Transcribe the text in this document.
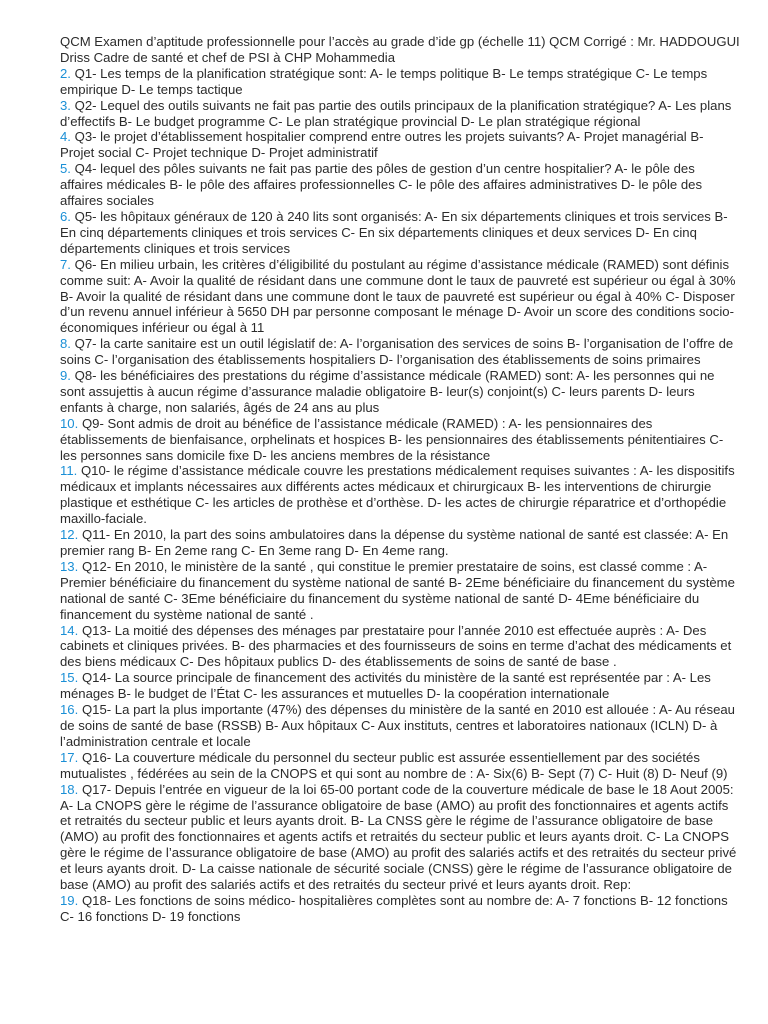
QCM Examen d’aptitude professionnelle pour l’accès au grade d’ide gp (échelle 11) QCM Corrigé : Mr. HADDOUGUI Driss Cadre de santé et chef de PSI à CHP Mohammedia

2. Q1- Les temps de la planification stratégique sont: A- le temps politique B- Le temps stratégique C- Le temps empirique D- Le temps tactique

3. Q2- Lequel des outils suivants ne fait pas partie des outils principaux de la planification stratégique? A- Les plans d’effectifs B- Le budget programme C- Le plan stratégique provincial D- Le plan stratégique régional

4. Q3- le projet d’établissement hospitalier comprend entre outres les projets suivants? A- Projet managérial B- Projet social C- Projet technique D- Projet administratif

5. Q4- lequel des pôles suivants ne fait pas partie des pôles de gestion d’un centre hospitalier? A- le pôle des affaires médicales B- le pôle des affaires professionnelles C- le pôle des affaires administratives D- le pôle des affaires sociales

6. Q5- les hôpitaux généraux de 120 à 240 lits sont organisés: A- En six départements cliniques et trois services B- En cinq départements cliniques et trois services C- En six départements cliniques et deux services D- En cinq départements cliniques et trois services

7. Q6- En milieu urbain, les critères d’éligibilité du postulant au régime d’assistance médicale (RAMED) sont définis comme suit: A- Avoir la qualité de résidant dans une commune dont le taux de pauvreté est supérieur ou égal à 30% B- Avoir la qualité de résidant dans une commune dont le taux de pauvreté est supérieur ou égal à 40% C- Disposer d’un revenu annuel inférieur à 5650 DH par personne composant le ménage D- Avoir un score des conditions socio-économiques inférieur ou égal à 11

8. Q7- la carte sanitaire est un outil législatif de: A- l’organisation des services de soins B- l’organisation de l’offre de soins C- l’organisation des établissements hospitaliers D- l’organisation des établissements de soins primaires

9. Q8- les bénéficiaires des prestations du régime d’assistance médicale (RAMED) sont: A- les personnes qui ne sont assujettis à aucun régime d’assurance maladie obligatoire B- leur(s) conjoint(s) C- leurs parents D- leurs enfants à charge, non salariés, âgés de 24 ans au plus

10. Q9- Sont admis de droit au bénéfice de l’assistance médicale (RAMED) : A- les pensionnaires des établissements de bienfaisance, orphelinats et hospices B- les pensionnaires des établissements pénitentiaires C- les personnes sans domicile fixe D- les anciens membres de la résistance

11. Q10- le régime d’assistance médicale couvre les prestations médicalement requises suivantes : A- les dispositifs médicaux et implants nécessaires aux différents actes médicaux et chirurgicaux B- les interventions de chirurgie plastique et esthétique C- les articles de prothèse et d’orthèse. D- les actes de chirurgie réparatrice et d’orthopédie maxillo-faciale.

12. Q11- En 2010, la part des soins ambulatoires dans la dépense du système national de santé est classée: A- En premier rang B- En 2eme rang C- En 3eme rang D- En 4eme rang.

13. Q12- En 2010, le ministère de la santé , qui constitue le premier prestataire de soins, est classé comme : A- Premier bénéficiaire du financement du système national de santé B- 2Eme bénéficiaire du financement du système national de santé C- 3Eme bénéficiaire du financement du système national de santé D- 4Eme bénéficiaire du financement du système national de santé .

14. Q13- La moitié des dépenses des ménages par prestataire pour l’année 2010 est effectuée auprès : A- Des cabinets et cliniques privées. B- des pharmacies et des fournisseurs de soins en terme d’achat des médicaments et des biens médicaux C- Des hôpitaux publics D- des établissements de soins de santé de base .

15. Q14- La source principale de financement des activités du ministère de la santé est représentée par : A- Les ménages B- le budget de l’État C- les assurances et mutuelles D- la coopération internationale

16. Q15- La part la plus importante (47%) des dépenses du ministère de la santé en 2010 est allouée : A- Au réseau de soins de santé de base (RSSB) B- Aux hôpitaux C- Aux instituts, centres et laboratoires nationaux (ICLN) D- à l’administration centrale et locale

17. Q16- La couverture médicale du personnel du secteur public est assurée essentiellement par des sociétés mutualistes , fédérées au sein de la CNOPS et qui sont au nombre de : A- Six(6) B- Sept (7) C- Huit (8) D- Neuf (9)

18. Q17- Depuis l’entrée en vigueur de la loi 65-00 portant code de la couverture médicale de base le 18 Aout 2005: A- La CNOPS gère le régime de l’assurance obligatoire de base (AMO) au profit des fonctionnaires et agents actifs et retraités du secteur public et leurs ayants droit. B- La CNSS gère le régime de l’assurance obligatoire de base (AMO) au profit des fonctionnaires et agents actifs et retraités du secteur public et leurs ayants droit. C- La CNOPS gère le régime de l’assurance obligatoire de base (AMO) au profit des salariés actifs et des retraités du secteur privé et leurs ayants droit. D- La caisse nationale de sécurité sociale (CNSS) gère le régime de l’assurance obligatoire de base (AMO) au profit des salariés actifs et des retraités du secteur privé et leurs ayants droit. Rep:

19. Q18- Les fonctions de soins médico- hospitalières complètes sont au nombre de: A- 7 fonctions B- 12 fonctions C- 16 fonctions D- 19 fonctions
